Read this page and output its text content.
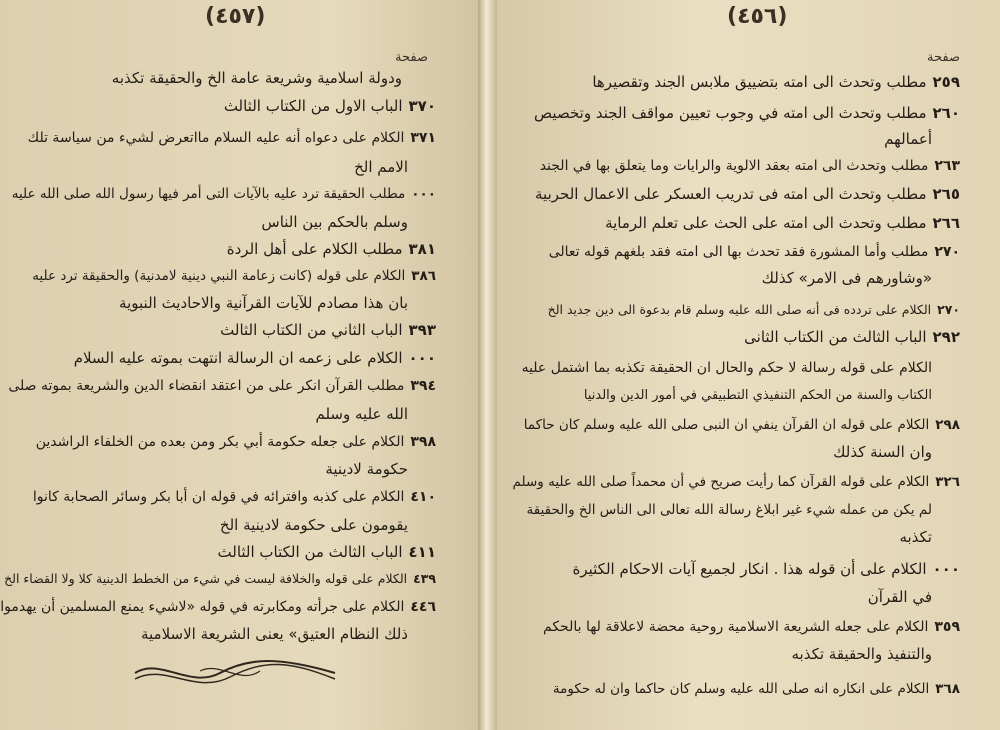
(٤٥٧)
صفحة
ودولة اسلامية وشريعة عامة الخ والحقيقة تكذبه
٣٧٠الباب الاول من الكتاب الثالث
٣٧١الكلام على دعواه أنه عليه السلام مااتعرض لشيء من سياسة تلك
الامم الخ
٠٠٠مطلب الحقيقة ترد عليه بالآيات التى أمر فيها رسول الله صلى الله عليه
وسلم بالحكم بين الناس
٣٨١مطلب الكلام على أهل الردة
٣٨٦الكلام على قوله (كانت زعامة النبي دينية لامدنية) والحقيقة ترد عليه
بان هذا مصادم للآيات القرآنية والاحاديث النبوية
٣٩٣الباب الثاني من الكتاب الثالث
٠٠٠الكلام على زعمه ان الرسالة انتهت بموته عليه السلام
٣٩٤مطلب القرآن انكر على من اعتقد انقضاء الدين والشريعة بموته صلى
الله عليه وسلم
٣٩٨الكلام على جعله حكومة أبي بكر ومن بعده من الخلفاء الراشدين
حكومة لادينية
٤١٠الكلام على كذبه وافترائه في قوله ان أبا بكر وسائر الصحابة كانوا
يقومون على حكومة لادينية الخ
٤١١الباب الثالث من الكتاب الثالث
٤٣٩الكلام على قوله والخلافة ليست في شيء من الخطط الدينية كلا ولا القضاء الخ
٤٤٦الكلام على جرأته ومكابرته في قوله «لاشيء يمنع المسلمين أن يهدموا
ذلك النظام العتيق» يعنى الشريعة الاسلامية
(٤٥٦)
صفحة
٢٥٩مطلب وتحدث الى امته بتضييق ملابس الجند وتقصيرها
٢٦٠مطلب وتحدث الى امته في وجوب تعيين مواقف الجند وتخصيص
أعمالهم
٢٦٣مطلب وتحدث الى امته بعقد الالوية والرايات وما يتعلق بها في الجند
٢٦٥مطلب وتحدث الى امته فى تدريب العسكر على الاعمال الحربية
٢٦٦مطلب وتحدث الى امته على الحث على تعلم الرماية
٢٧٠مطلب وأما المشورة فقد تحدث بها الى امته فقد بلغهم قوله تعالى
«وشاورهم فى الامر» كذلك
٢٧٠الكلام على تردده فى أنه صلى الله عليه وسلم قام بدعوة الى دين جديد الخ
٢٩٢الباب الثالث من الكتاب الثانى
الكلام على قوله رسالة لا حكم والحال ان الحقيقة تكذبه بما اشتمل عليه
الكتاب والسنة من الحكم التنفيذي التطبيقي في أمور الدين والدنيا
٢٩٨الكلام على قوله ان القرآن ينفي ان النبى صلى الله عليه وسلم كان حاكما
وان السنة كذلك
٣٢٦الكلام على قوله القرآن كما رأيت صريح في أن محمداً صلى الله عليه وسلم
لم يكن من عمله شيء غير ابلاغ رسالة الله تعالى الى الناس الخ والحقيقة
تكذبه
٠٠٠الكلام على أن قوله هذا . انكار لجميع آيات الاحكام الكثيرة
في القرآن
٣٥٩الكلام على جعله الشريعة الاسلامية روحية محضة لاعلاقة لها بالحكم
والتنفيذ والحقيقة تكذبه
٣٦٨الكلام على انكاره انه صلى الله عليه وسلم كان حاكما وان له حكومة
